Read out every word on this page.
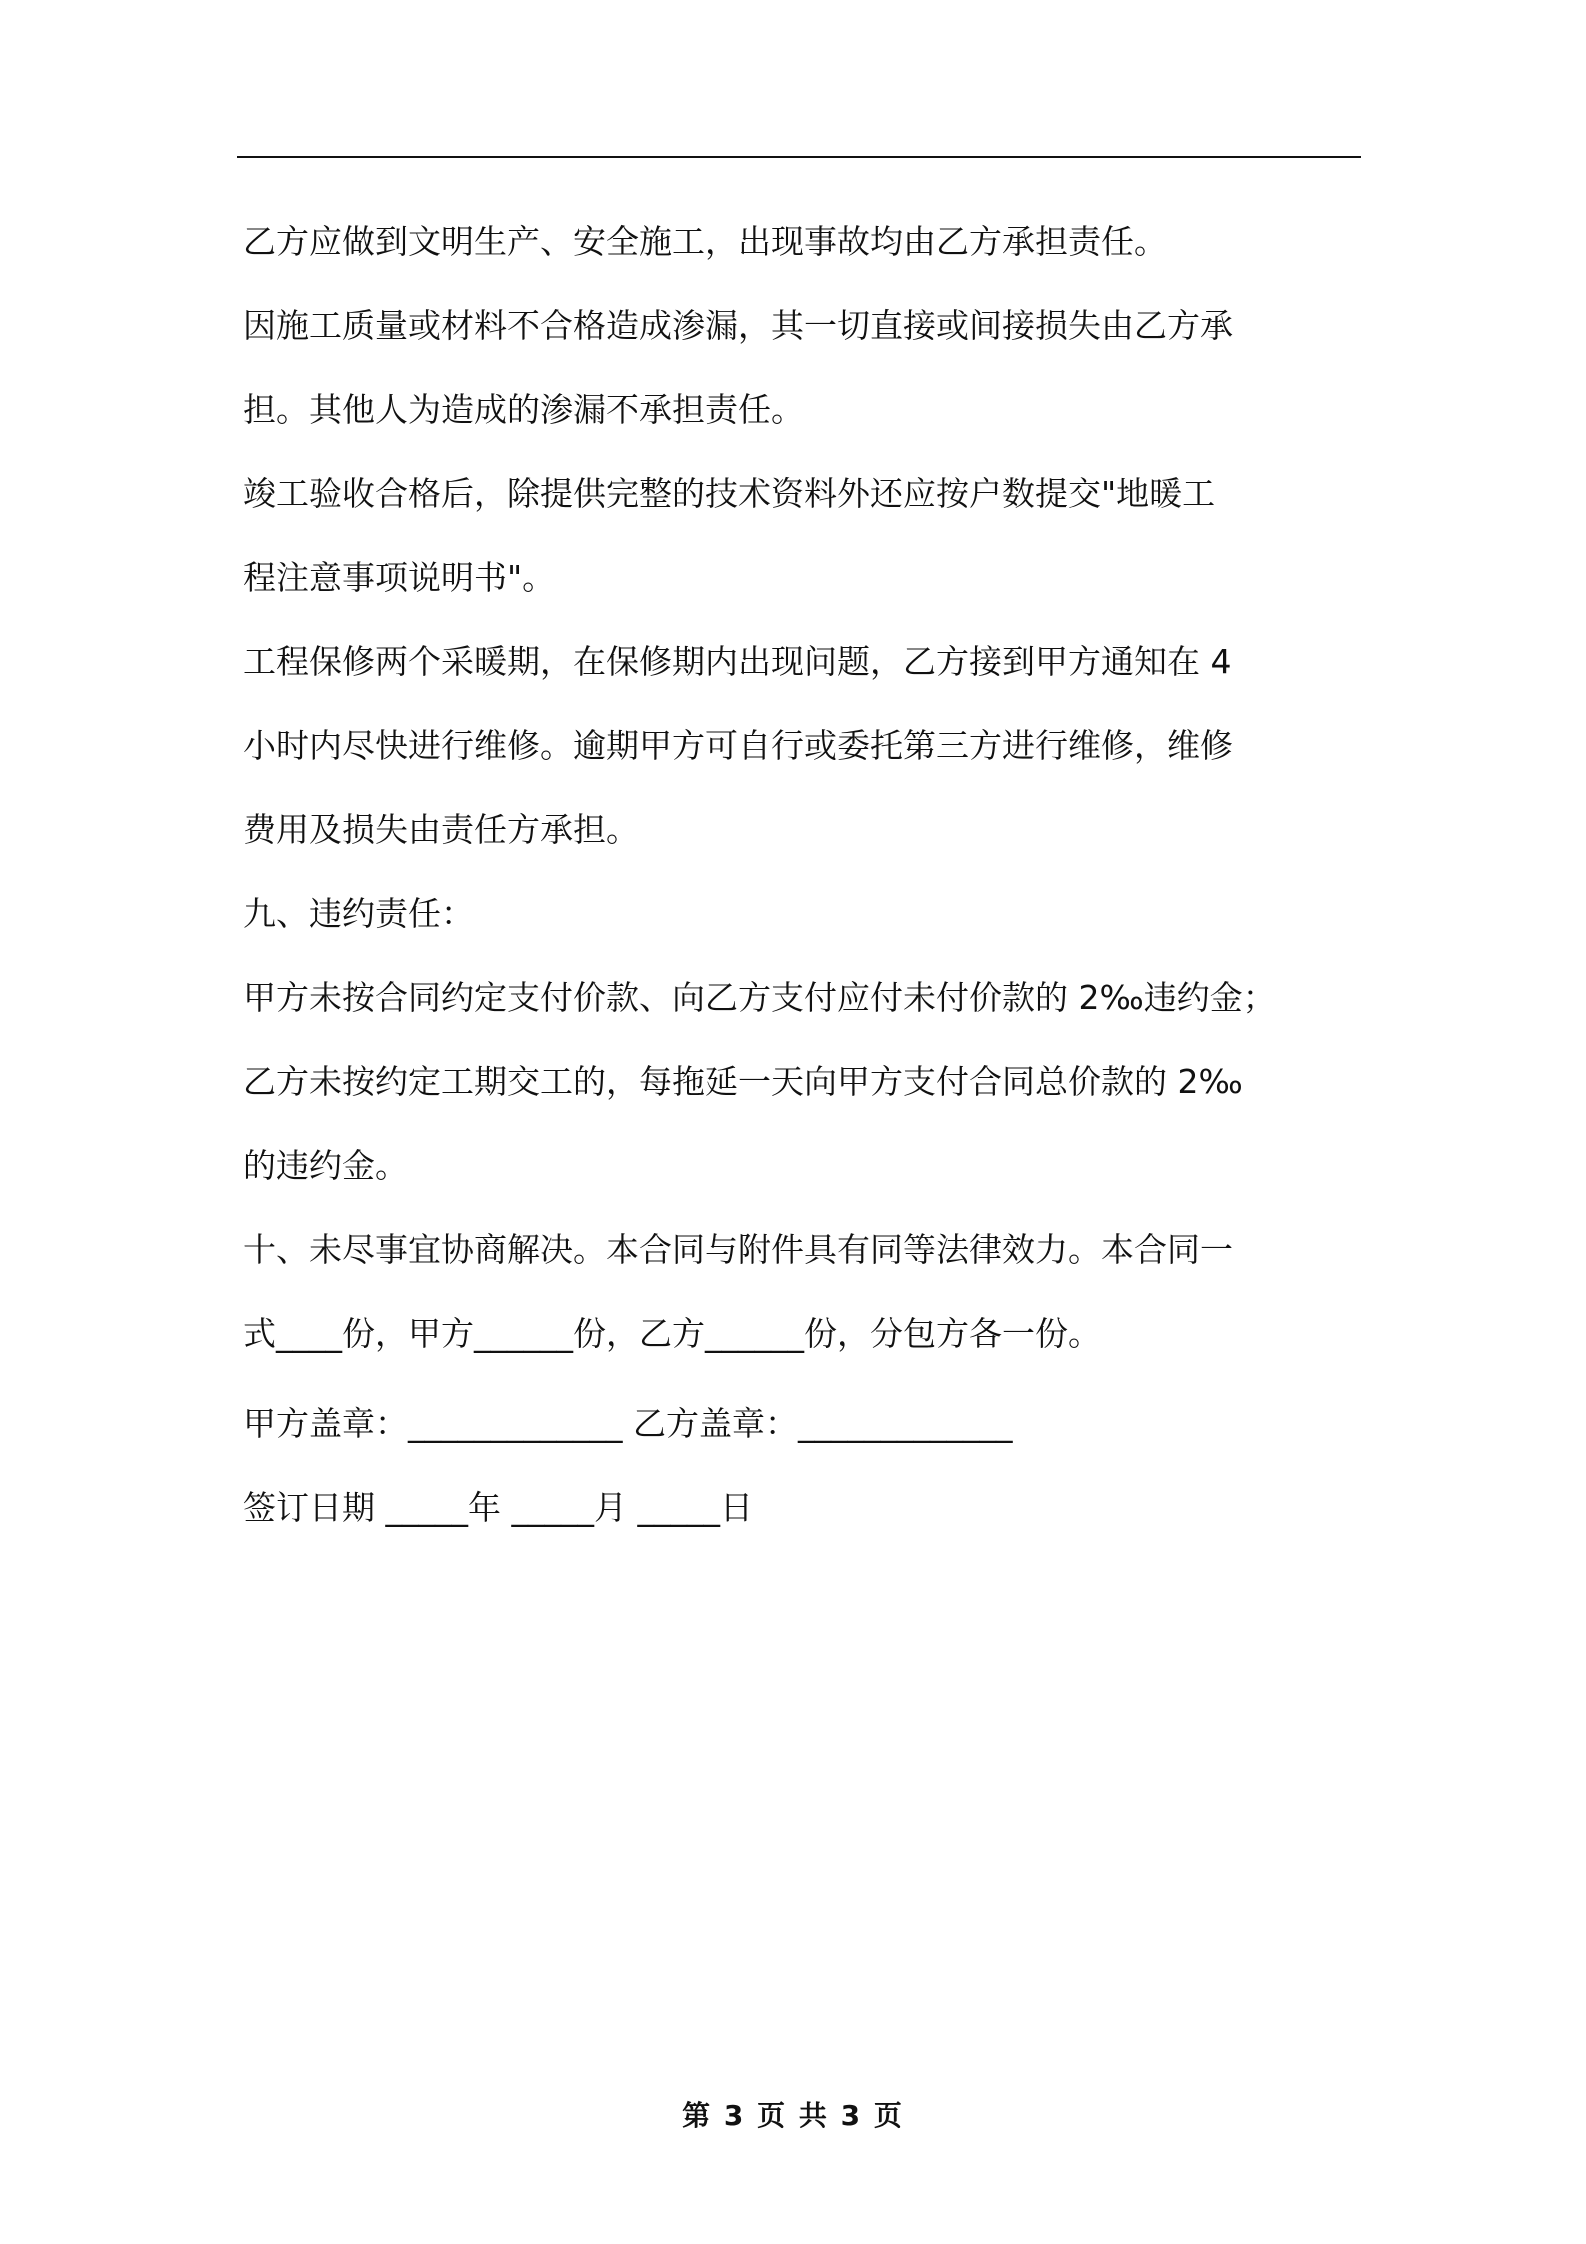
乙方应做到文明生产、安全施工，出现事故均由乙方承担责任。
因施工质量或材料不合格造成渗漏，其一切直接或间接损失由乙方承
担。其他人为造成的渗漏不承担责任。
竣工验收合格后，除提供完整的技术资料外还应按户数提交"地暖工
程注意事项说明书"。
工程保修两个采暖期，在保修期内出现问题，乙方接到甲方通知在 4
小时内尽快进行维修。逾期甲方可自行或委托第三方进行维修，维修
费用及损失由责任方承担。
九、违约责任：
甲方未按合同约定支付价款、向乙方支付应付未付价款的 2‰违约金；
乙方未按约定工期交工的，每拖延一天向甲方支付合同总价款的 2‰
的违约金。
十、未尽事宜协商解决。本合同与附件具有同等法律效力。本合同一
式____份，甲方______份，乙方______份，分包方各一份。
甲方盖章：_____________ 乙方盖章：_____________
签订日期 _____年 _____月 _____日
第 3 页 共 3 页
